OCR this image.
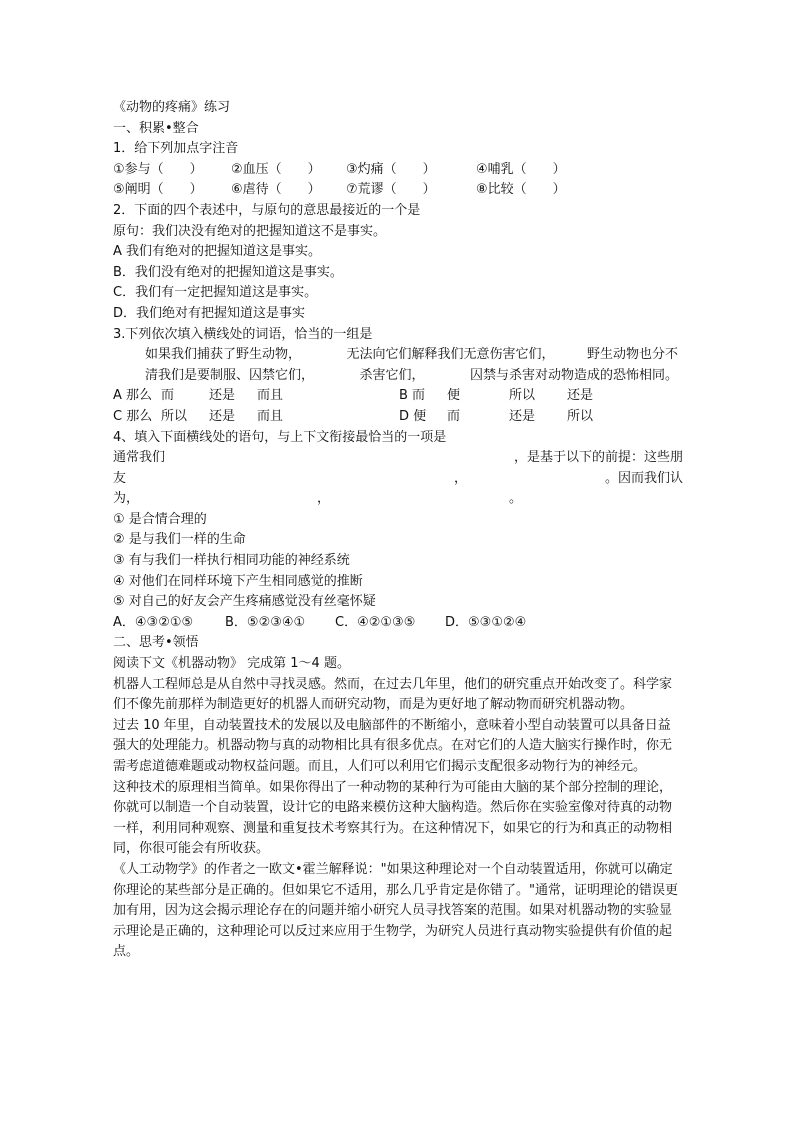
《动物的疼痛》练习
一、积累•整合
1．给下列加点字注音
①参与（　　）	②血压（　　）	③灼痛（　　）	④哺乳（　　）
⑤阐明（　　）	⑥虐待（　　）	⑦荒谬（　　）	⑧比较（　　）
2．下面的四个表述中，与原句的意思最接近的一个是
原句：我们决没有绝对的把握知道这不是事实。
A 我们有绝对的把握知道这是事实。
B．我们没有绝对的把握知道这是事实。
C．我们有一定把握知道这是事实。
D．我们绝对有把握知道这是事实
3.下列依次填入横线处的词语，恰当的一组是

如果我们捕获了野生动物，　　　　无法向它们解释我们无意伤害它们，　　　野生动物也分不清我们是要制服、囚禁它们，　　　　杀害它们，　　　　囚禁与杀害对动物造成的恐怖相同。

A 那么 而	还是	而且	B 而	便	所以	还是
C 那么 所以	还是	而且	D 便	而	还是	所以
4、填入下面横线处的语句，与上下文衔接最恰当的一项是
通常我们	，是基于以下的前提：这些朋
友	，	。因而我们认
为，	，	。
① 是合情合理的
② 是与我们一样的生命
③ 有与我们一样执行相同功能的神经系统
④ 对他们在同样环境下产生相同感觉的推断
⑤ 对自己的好友会产生疼痛感觉没有丝毫怀疑
A．④③②①⑤	B．⑤②③④①	C．④②①③⑤	D．⑤③①②④
二、思考•领悟
阅读下文《机器动物》 完成第 1～4 题。

机器人工程师总是从自然中寻找灵感。然而，在过去几年里，他们的研究重点开始改变了。科学家们不像先前那样为制造更好的机器人而研究动物，而是为更好地了解动物而研究机器动物。

过去 10 年里，自动装置技术的发展以及电脑部件的不断缩小，意味着小型自动装置可以具备日益强大的处理能力。机器动物与真的动物相比具有很多优点。在对它们的人造大脑实行操作时，你无需考虑道德难题或动物权益问题。而且，人们可以利用它们揭示支配很多动物行为的神经元。

这种技术的原理相当简单。如果你得出了一种动物的某种行为可能由大脑的某个部分控制的理论，你就可以制造一个自动装置，设计它的电路来模仿这种大脑构造。然后你在实验室像对待真的动物一样，利用同种观察、测量和重复技术考察其行为。在这种情况下，如果它的行为和真正的动物相同，你很可能会有所收获。

《人工动物学》的作者之一欧文•霍兰解释说："如果这种理论对一个自动装置适用，你就可以确定你理论的某些部分是正确的。但如果它不适用，那么几乎肯定是你错了。"通常，证明理论的错误更加有用，因为这会揭示理论存在的问题并缩小研究人员寻找答案的范围。如果对机器动物的实验显示理论是正确的，这种理论可以反过来应用于生物学，为研究人员进行真动物实验提供有价值的起点。
